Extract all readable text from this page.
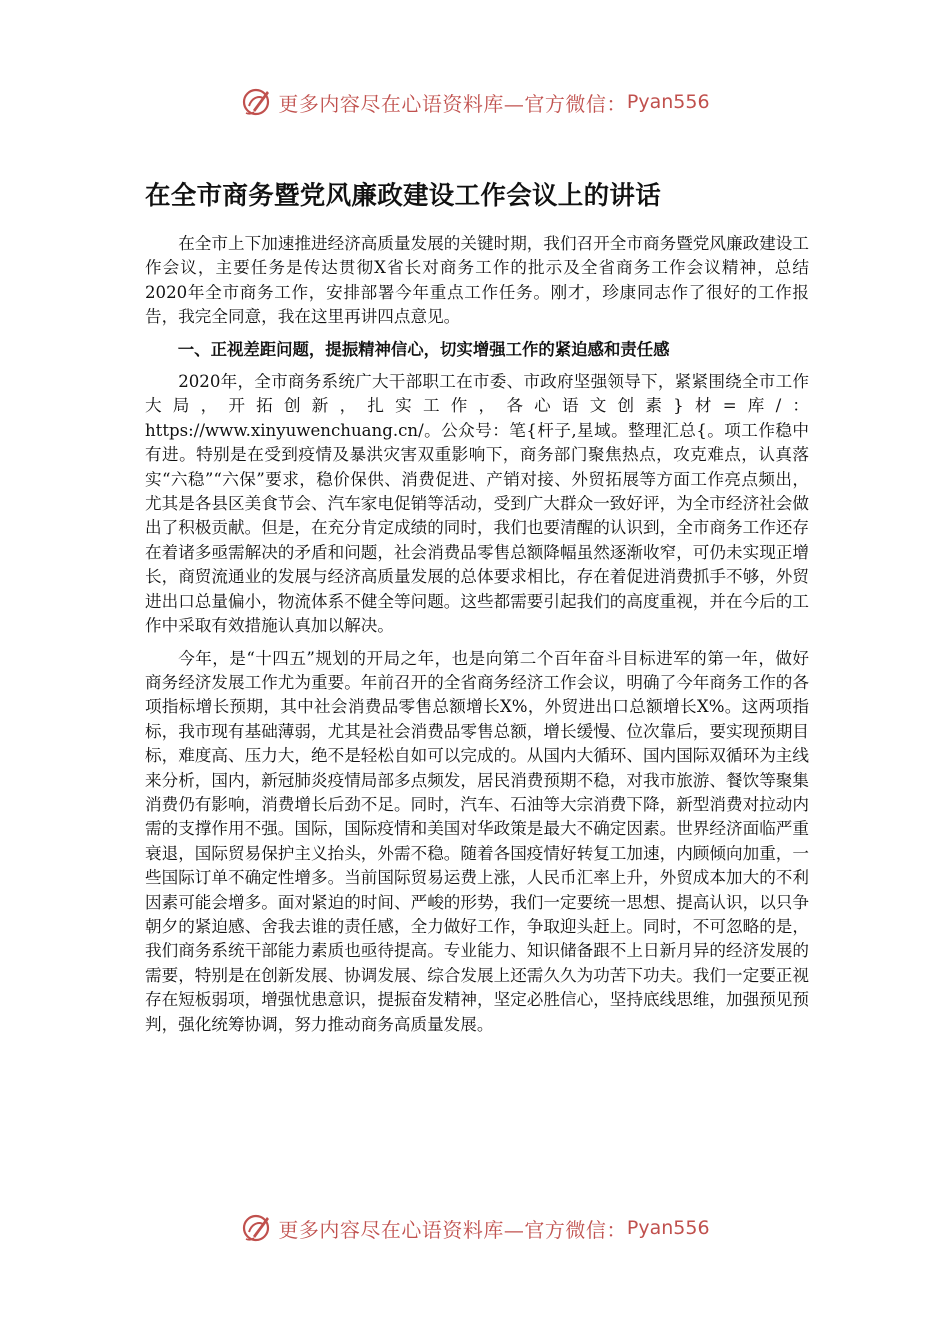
更多内容尽在心语资料库—官方微信： Pyan556
在全市商务暨党风廉政建设工作会议上的讲话

在全市上下加速推进经济高质量发展的关键时期，我们召开全市商务暨党风廉政建设工作会议，主要任务是传达贯彻X省长对商务工作的批示及全省商务工作会议精神，总结2020年全市商务工作，安排部署今年重点工作任务。刚才，珍康同志作了很好的工作报告，我完全同意，我在这里再讲四点意见。

一、正视差距问题，提振精神信心，切实增强工作的紧迫感和责任感

2020年，全市商务系统广大干部职工在市委、市政府坚强领导下，紧紧围绕全市工作大局，开拓创新，扎实工作，各心语文创素}材=库/：https://www.xinyuwenchuang.cn/。公众号：笔{杆子,星域。整理汇总{。项工作稳中有进。特别是在受到疫情及暴洪灾害双重影响下，商务部门聚焦热点，攻克难点，认真落实“六稳”“六保”要求，稳价保供、消费促进、产销对接、外贸拓展等方面工作亮点频出，尤其是各县区美食节会、汽车家电促销等活动，受到广大群众一致好评，为全市经济社会做出了积极贡献。但是，在充分肯定成绩的同时，我们也要清醒的认识到，全市商务工作还存在着诸多亟需解决的矛盾和问题，社会消费品零售总额降幅虽然逐渐收窄，可仍未实现正增长，商贸流通业的发展与经济高质量发展的总体要求相比，存在着促进消费抓手不够，外贸进出口总量偏小，物流体系不健全等问题。这些都需要引起我们的高度重视，并在今后的工作中采取有效措施认真加以解决。

今年，是“十四五”规划的开局之年，也是向第二个百年奋斗目标进军的第一年，做好商务经济发展工作尤为重要。年前召开的全省商务经济工作会议，明确了今年商务工作的各项指标增长预期，其中社会消费品零售总额增长X%，外贸进出口总额增长X%。这两项指标，我市现有基础薄弱，尤其是社会消费品零售总额，增长缓慢、位次靠后，要实现预期目标，难度高、压力大，绝不是轻松自如可以完成的。从国内大循环、国内国际双循环为主线来分析，国内，新冠肺炎疫情局部多点频发，居民消费预期不稳，对我市旅游、餐饮等聚集消费仍有影响，消费增长后劲不足。同时，汽车、石油等大宗消费下降，新型消费对拉动内需的支撑作用不强。国际，国际疫情和美国对华政策是最大不确定因素。世界经济面临严重衰退，国际贸易保护主义抬头，外需不稳。随着各国疫情好转复工加速，内顾倾向加重，一些国际订单不确定性增多。当前国际贸易运费上涨，人民币汇率上升，外贸成本加大的不利因素可能会增多。面对紧迫的时间、严峻的形势，我们一定要统一思想、提高认识，以只争朝夕的紧迫感、舍我去谁的责任感，全力做好工作，争取迎头赶上。同时，不可忽略的是，我们商务系统干部能力素质也亟待提高。专业能力、知识储备跟不上日新月异的经济发展的需要，特别是在创新发展、协调发展、综合发展上还需久久为功苦下功夫。我们一定要正视存在短板弱项，增强忧患意识，提振奋发精神，坚定必胜信心，坚持底线思维，加强预见预判，强化统筹协调，努力推动商务高质量发展。

更多内容尽在心语资料库—官方微信： Pyan556
